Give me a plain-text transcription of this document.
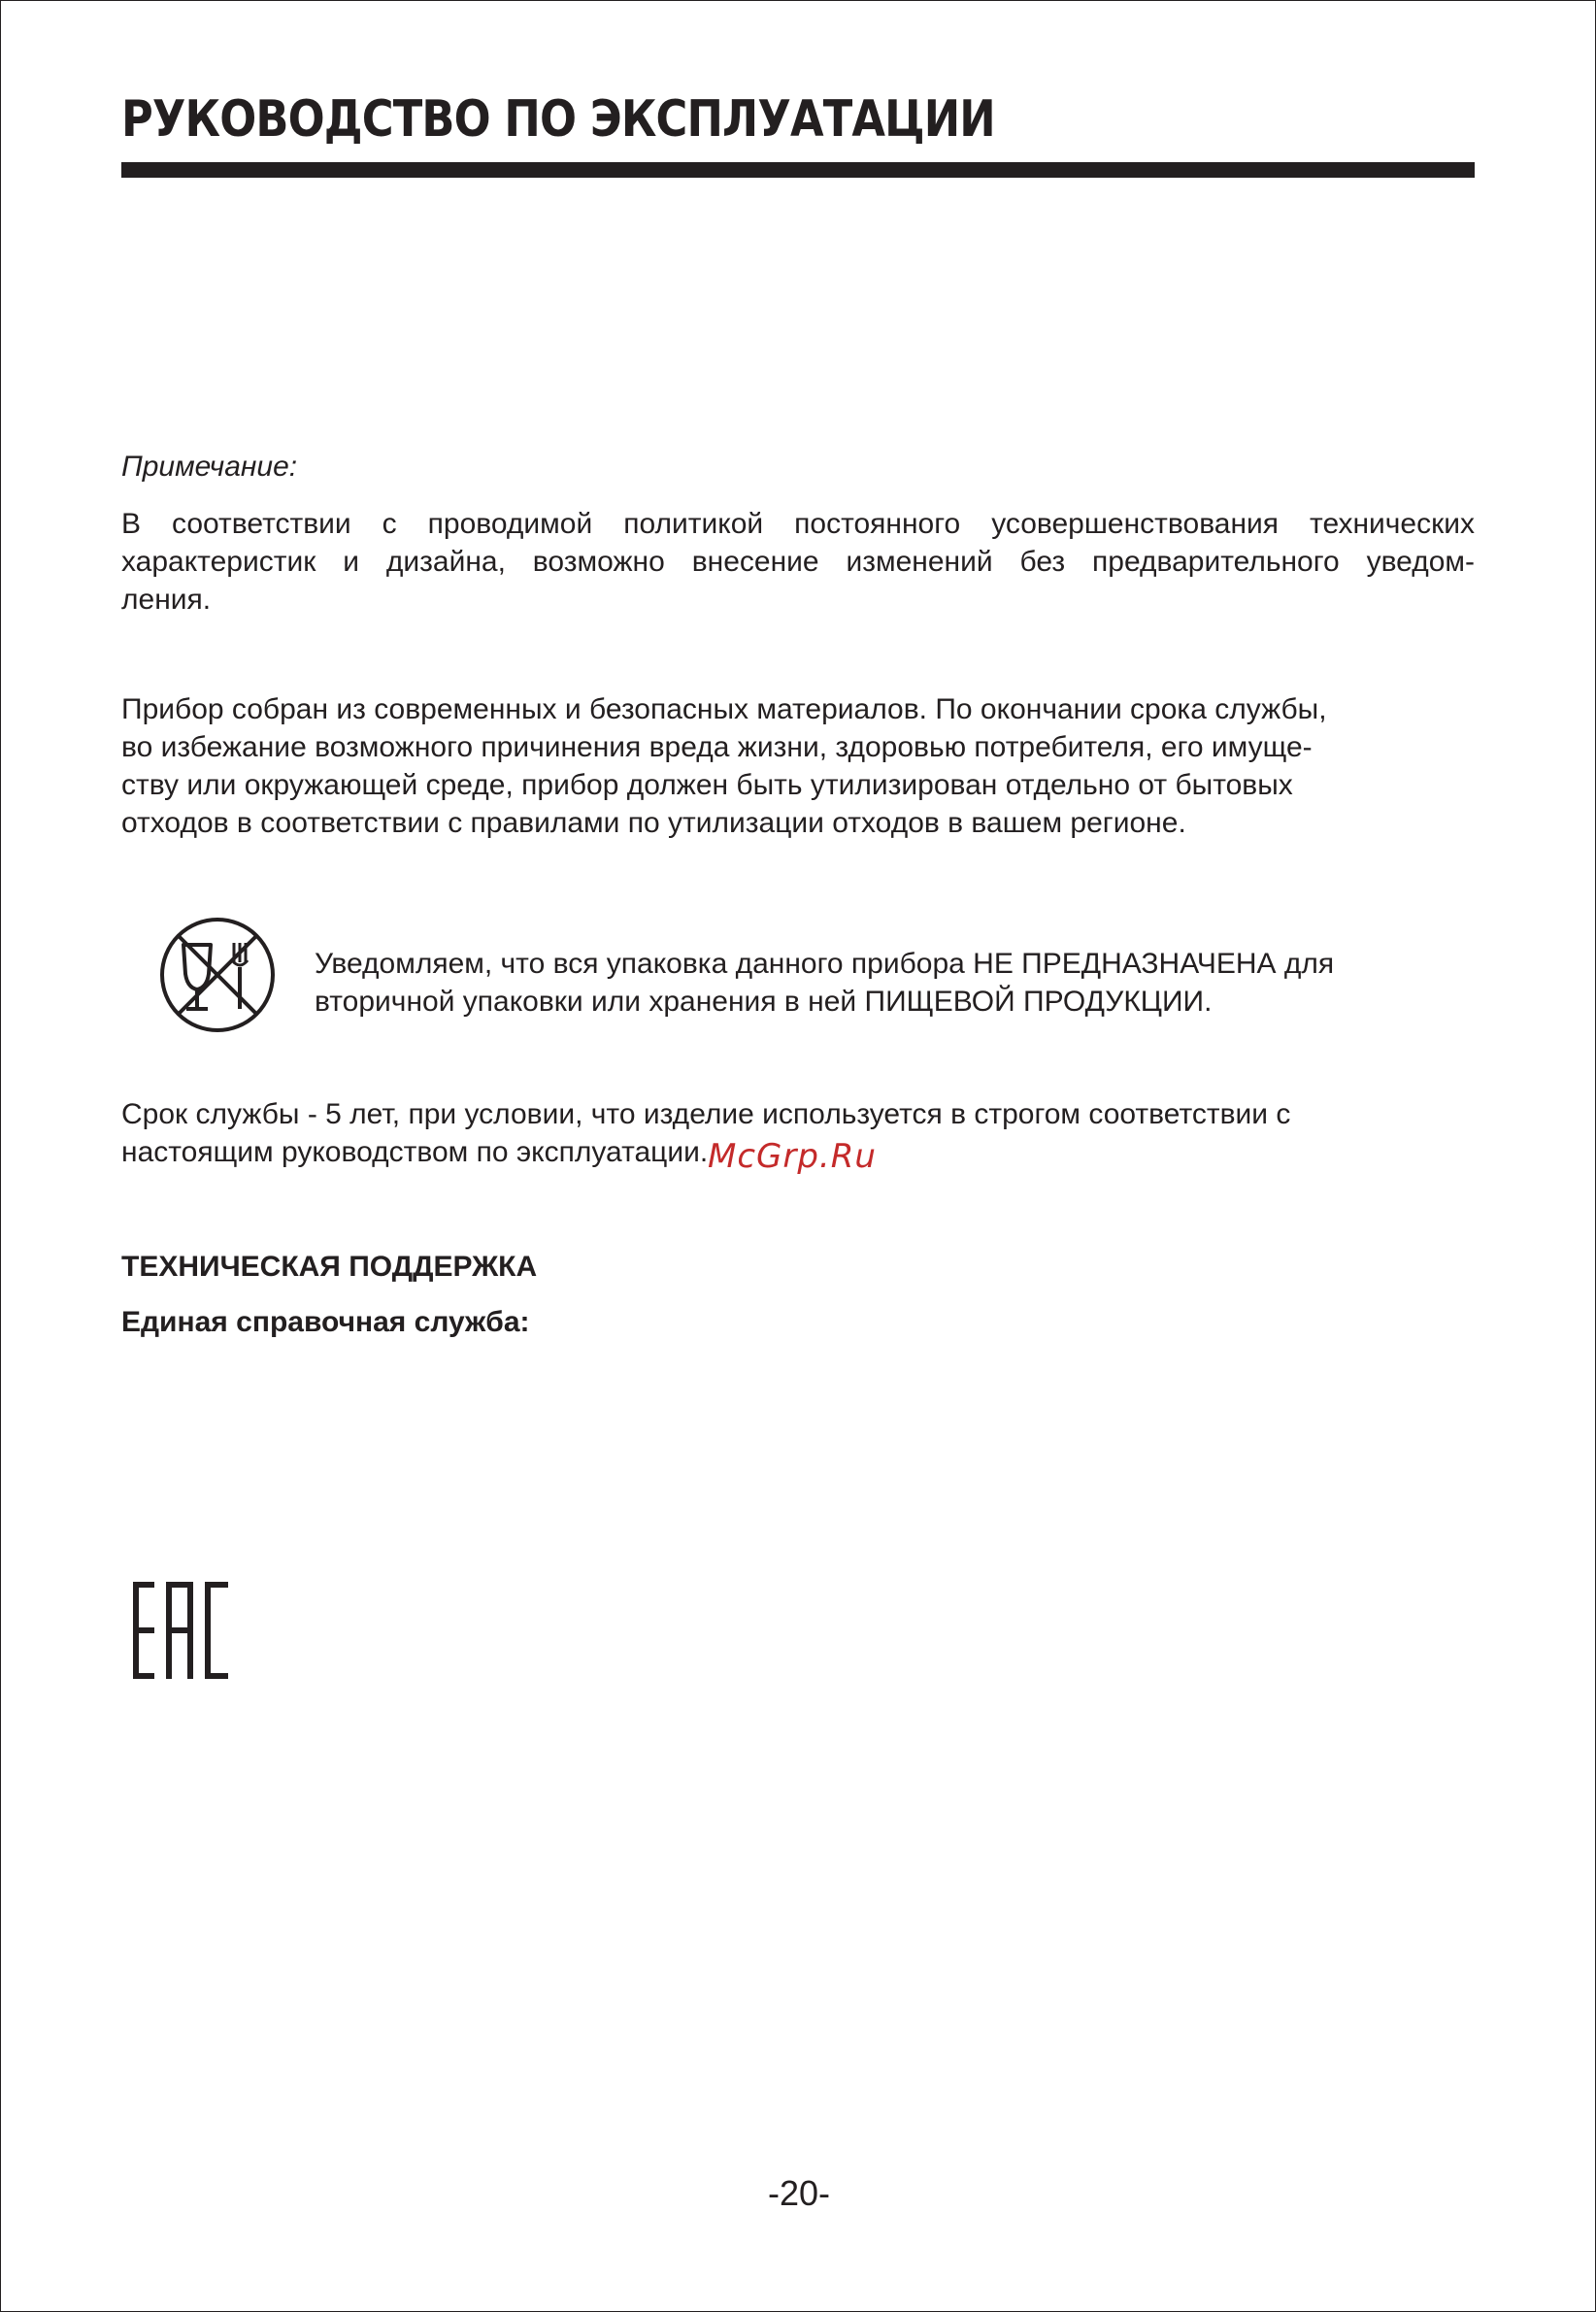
РУКОВОДСТВО ПО ЭКСПЛУАТАЦИИ

Примечание:

В соответствии с проводимой политикой постоянного усовершенствования технических
характеристик и дизайна, возможно внесение изменений без предварительного уведом-
ления.

Прибор собран из современных и безопасных материалов. По окончании срока службы,
во избежание возможного причинения вреда жизни, здоровью потребителя, его имуще-
ству или окружающей среде, прибор должен быть утилизирован отдельно от бытовых
отходов в соответствии с правилами по утилизации отходов в вашем регионе.

Уведомляем, что вся упаковка данного прибора НЕ ПРЕДНАЗНАЧЕНА для
вторичной упаковки или хранения в ней ПИЩЕВОЙ ПРОДУКЦИИ.

Срок службы - 5 лет, при условии, что изделие используется в строгом соответствии с
настоящим руководством по эксплуатации. McGrp.Ru

ТЕХНИЧЕСКАЯ ПОДДЕРЖКА

Единая справочная служба:

-20-
